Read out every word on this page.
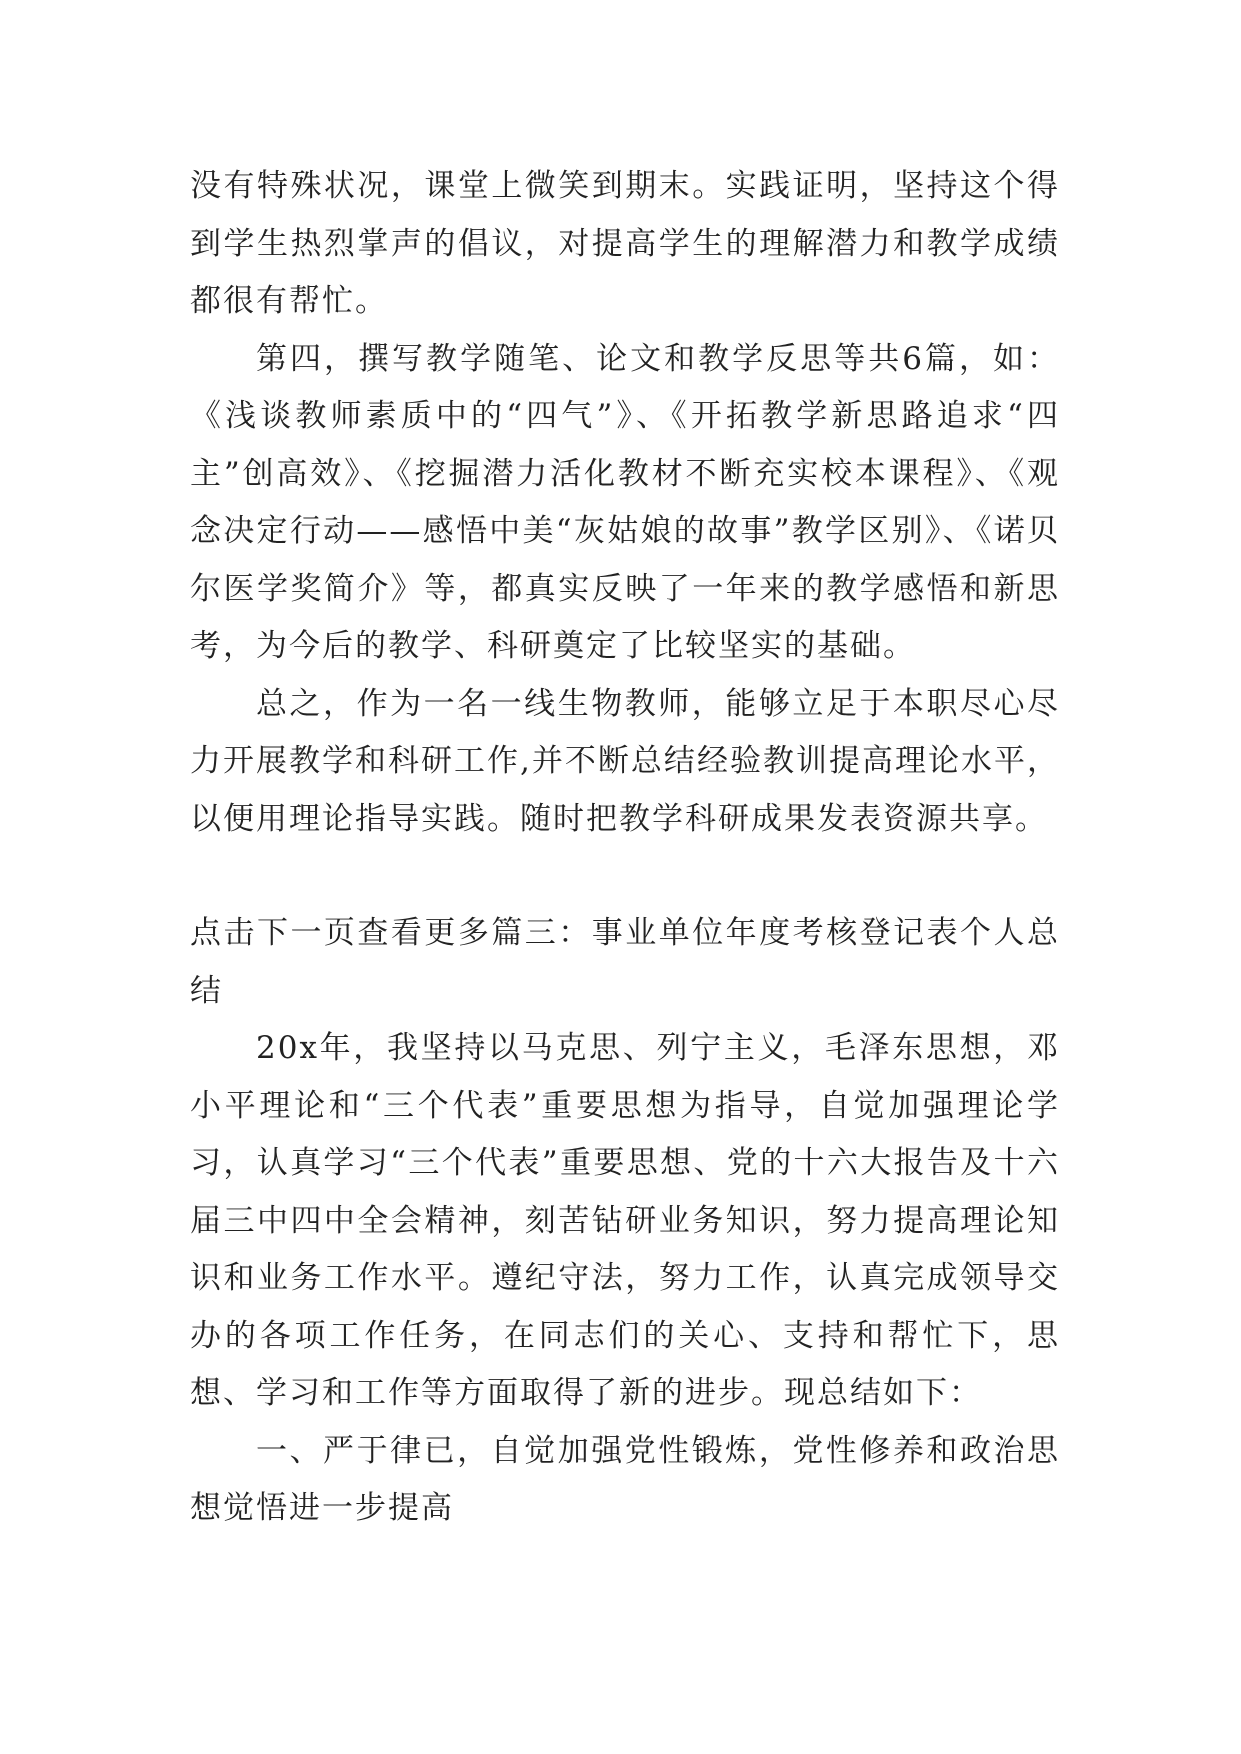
没有特殊状况，课堂上微笑到期末。实践证明，坚持这个得到学生热烈掌声的倡议，对提高学生的理解潜力和教学成绩都很有帮忙。

第四，撰写教学随笔、论文和教学反思等共6篇，如：《浅谈教师素质中的“四气”》、《开拓教学新思路追求“四主”创高效》、《挖掘潜力活化教材不断充实校本课程》、《观念决定行动——感悟中美“灰姑娘的故事”教学区别》、《诺贝尔医学奖简介》等，都真实反映了一年来的教学感悟和新思考，为今后的教学、科研奠定了比较坚实的基础。

总之，作为一名一线生物教师，能够立足于本职尽心尽力开展教学和科研工作,并不断总结经验教训提高理论水平，以便用理论指导实践。随时把教学科研成果发表资源共享。

点击下一页查看更多篇三：事业单位年度考核登记表个人总结

20x年，我坚持以马克思、列宁主义，毛泽东思想，邓小平理论和“三个代表”重要思想为指导，自觉加强理论学习，认真学习“三个代表”重要思想、党的十六大报告及十六届三中四中全会精神，刻苦钻研业务知识，努力提高理论知识和业务工作水平。遵纪守法，努力工作，认真完成领导交办的各项工作任务，在同志们的关心、支持和帮忙下，思想、学习和工作等方面取得了新的进步。现总结如下：

一、严于律已，自觉加强党性锻炼，党性修养和政治思想觉悟进一步提高
